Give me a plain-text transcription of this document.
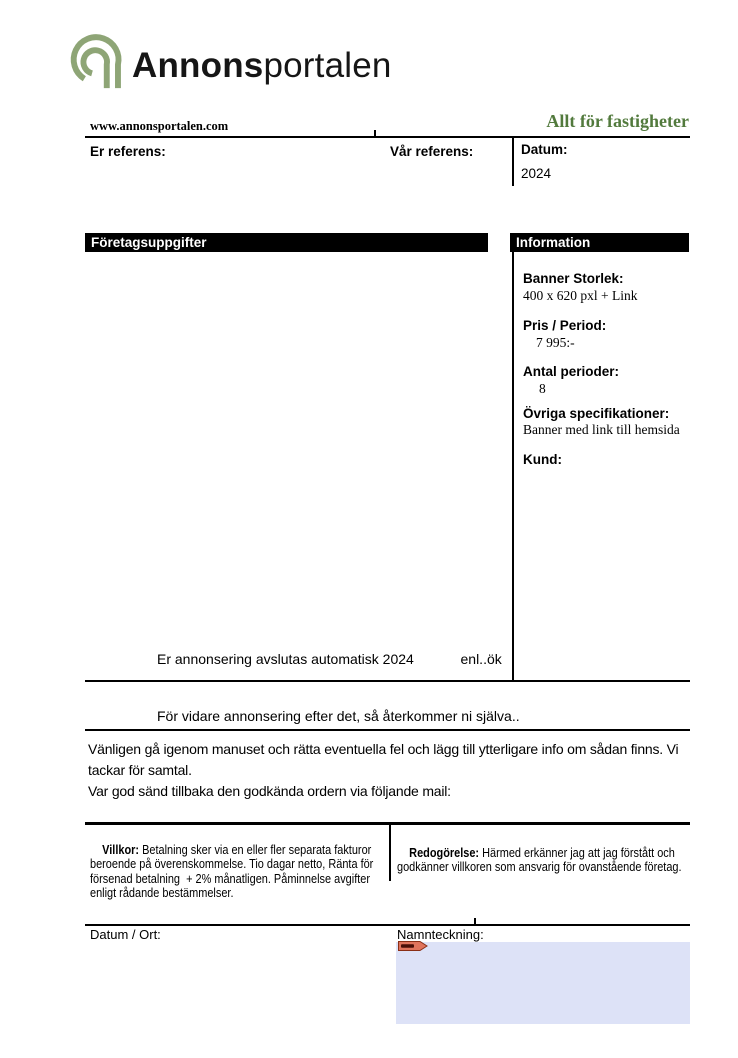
Annonsportalen
www.annonsportalen.com	Allt för fastigheter
Er referens:	Vår referens:	Datum:
2024
Företagsuppgifter	Information
Banner Storlek:
400 x 620 pxl + Link
Pris / Period:
7 995:-
Antal perioder:
8
Övriga specifikationer:
Banner med link till hemsida
Kund:

Er annonsering avslutas automatisk 2024            enl..ök

För vidare annonsering efter det, så återkommer ni själva..

Vänligen gå igenom manuset och rätta eventuella fel och lägg till ytterligare info om sådan finns. Vi tackar för samtal.
Var god sänd tillbaka den godkända ordern via följande mail:

Villkor: Betalning sker via en eller fler separata fakturor beroende på överenskommelse. Tio dagar netto, Ränta för försenad betalning  + 2% månatligen. Påminnelse avgifter enligt rådande bestämmelser.

Redogörelse: Härmed erkänner jag att jag förstått och godkänner villkoren som ansvarig för ovanstående företag.

Datum / Ort:	Namnteckning:
